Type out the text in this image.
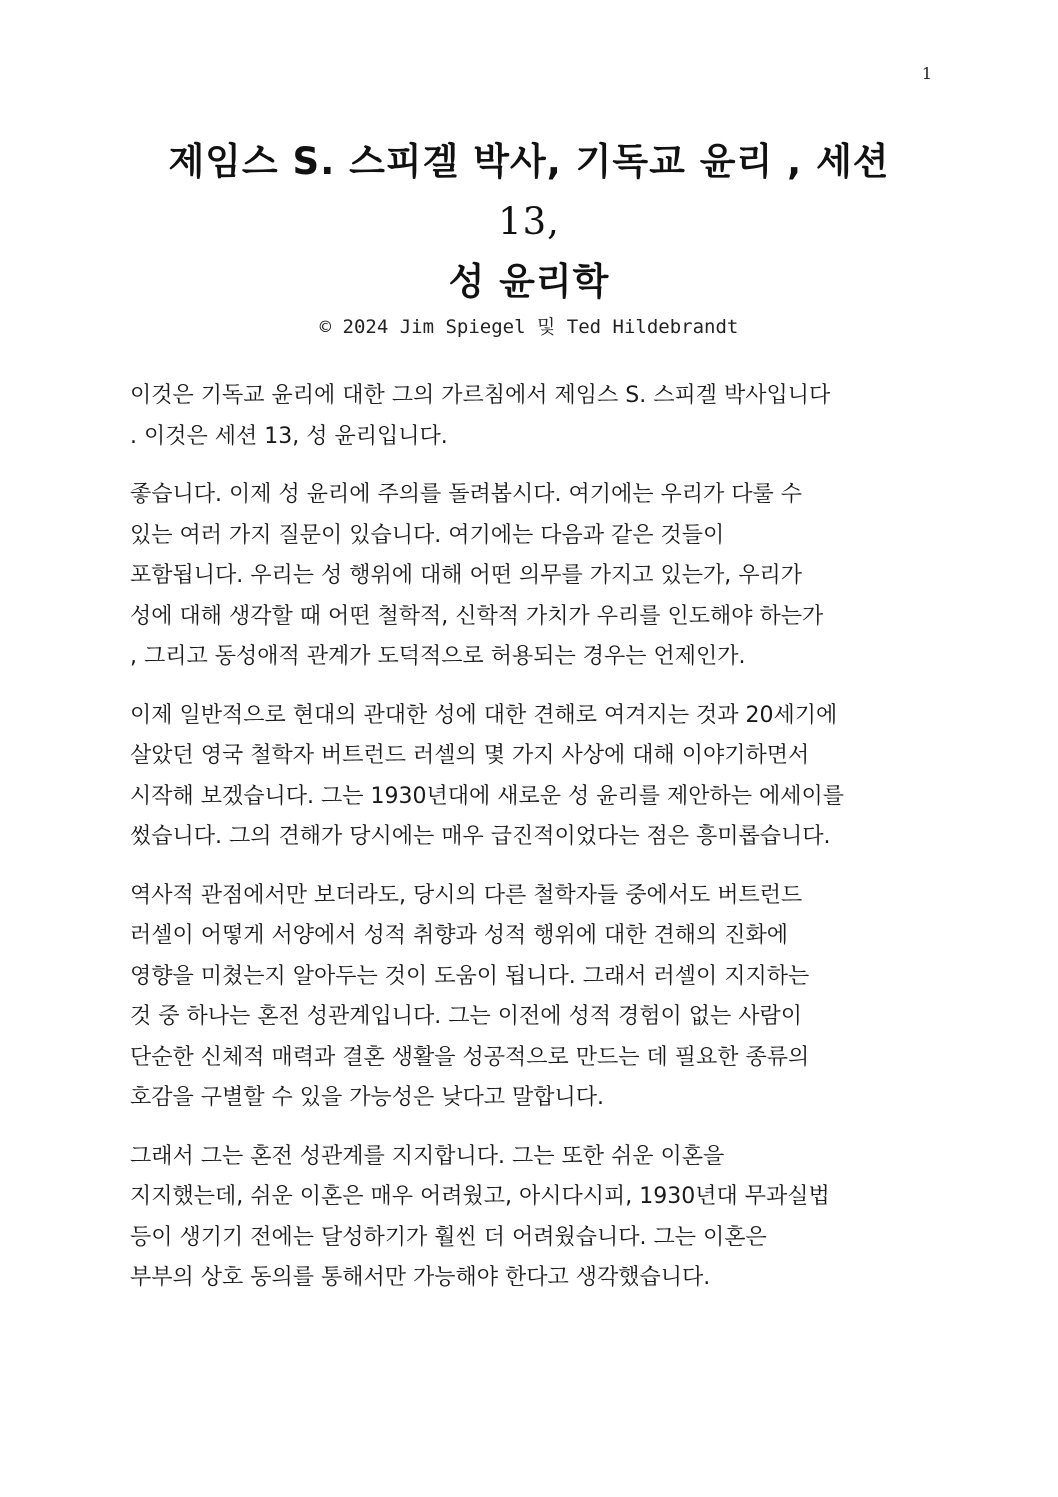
1
제임스 S. 스피겔 박사, 기독교 윤리 , 세션
13,
성 윤리학
© 2024 Jim Spiegel 및 Ted Hildebrandt

이것은 기독교 윤리에 대한 그의 가르침에서 제임스 S. 스피겔 박사입니다
. 이것은 세션 13, 성 윤리입니다.

좋습니다. 이제 성 윤리에 주의를 돌려봅시다. 여기에는 우리가 다룰 수
있는 여러 가지 질문이 있습니다. 여기에는 다음과 같은 것들이
포함됩니다. 우리는 성 행위에 대해 어떤 의무를 가지고 있는가, 우리가
성에 대해 생각할 때 어떤 철학적, 신학적 가치가 우리를 인도해야 하는가
, 그리고 동성애적 관계가 도덕적으로 허용되는 경우는 언제인가.

이제 일반적으로 현대의 관대한 성에 대한 견해로 여겨지는 것과 20세기에
살았던 영국 철학자 버트런드 러셀의 몇 가지 사상에 대해 이야기하면서
시작해 보겠습니다. 그는 1930년대에 새로운 성 윤리를 제안하는 에세이를
썼습니다. 그의 견해가 당시에는 매우 급진적이었다는 점은 흥미롭습니다.

역사적 관점에서만 보더라도, 당시의 다른 철학자들 중에서도 버트런드
러셀이 어떻게 서양에서 성적 취향과 성적 행위에 대한 견해의 진화에
영향을 미쳤는지 알아두는 것이 도움이 됩니다. 그래서 러셀이 지지하는
것 중 하나는 혼전 성관계입니다. 그는 이전에 성적 경험이 없는 사람이
단순한 신체적 매력과 결혼 생활을 성공적으로 만드는 데 필요한 종류의
호감을 구별할 수 있을 가능성은 낮다고 말합니다.

그래서 그는 혼전 성관계를 지지합니다. 그는 또한 쉬운 이혼을
지지했는데, 쉬운 이혼은 매우 어려웠고, 아시다시피, 1930년대 무과실법
등이 생기기 전에는 달성하기가 훨씬 더 어려웠습니다. 그는 이혼은
부부의 상호 동의를 통해서만 가능해야 한다고 생각했습니다.
